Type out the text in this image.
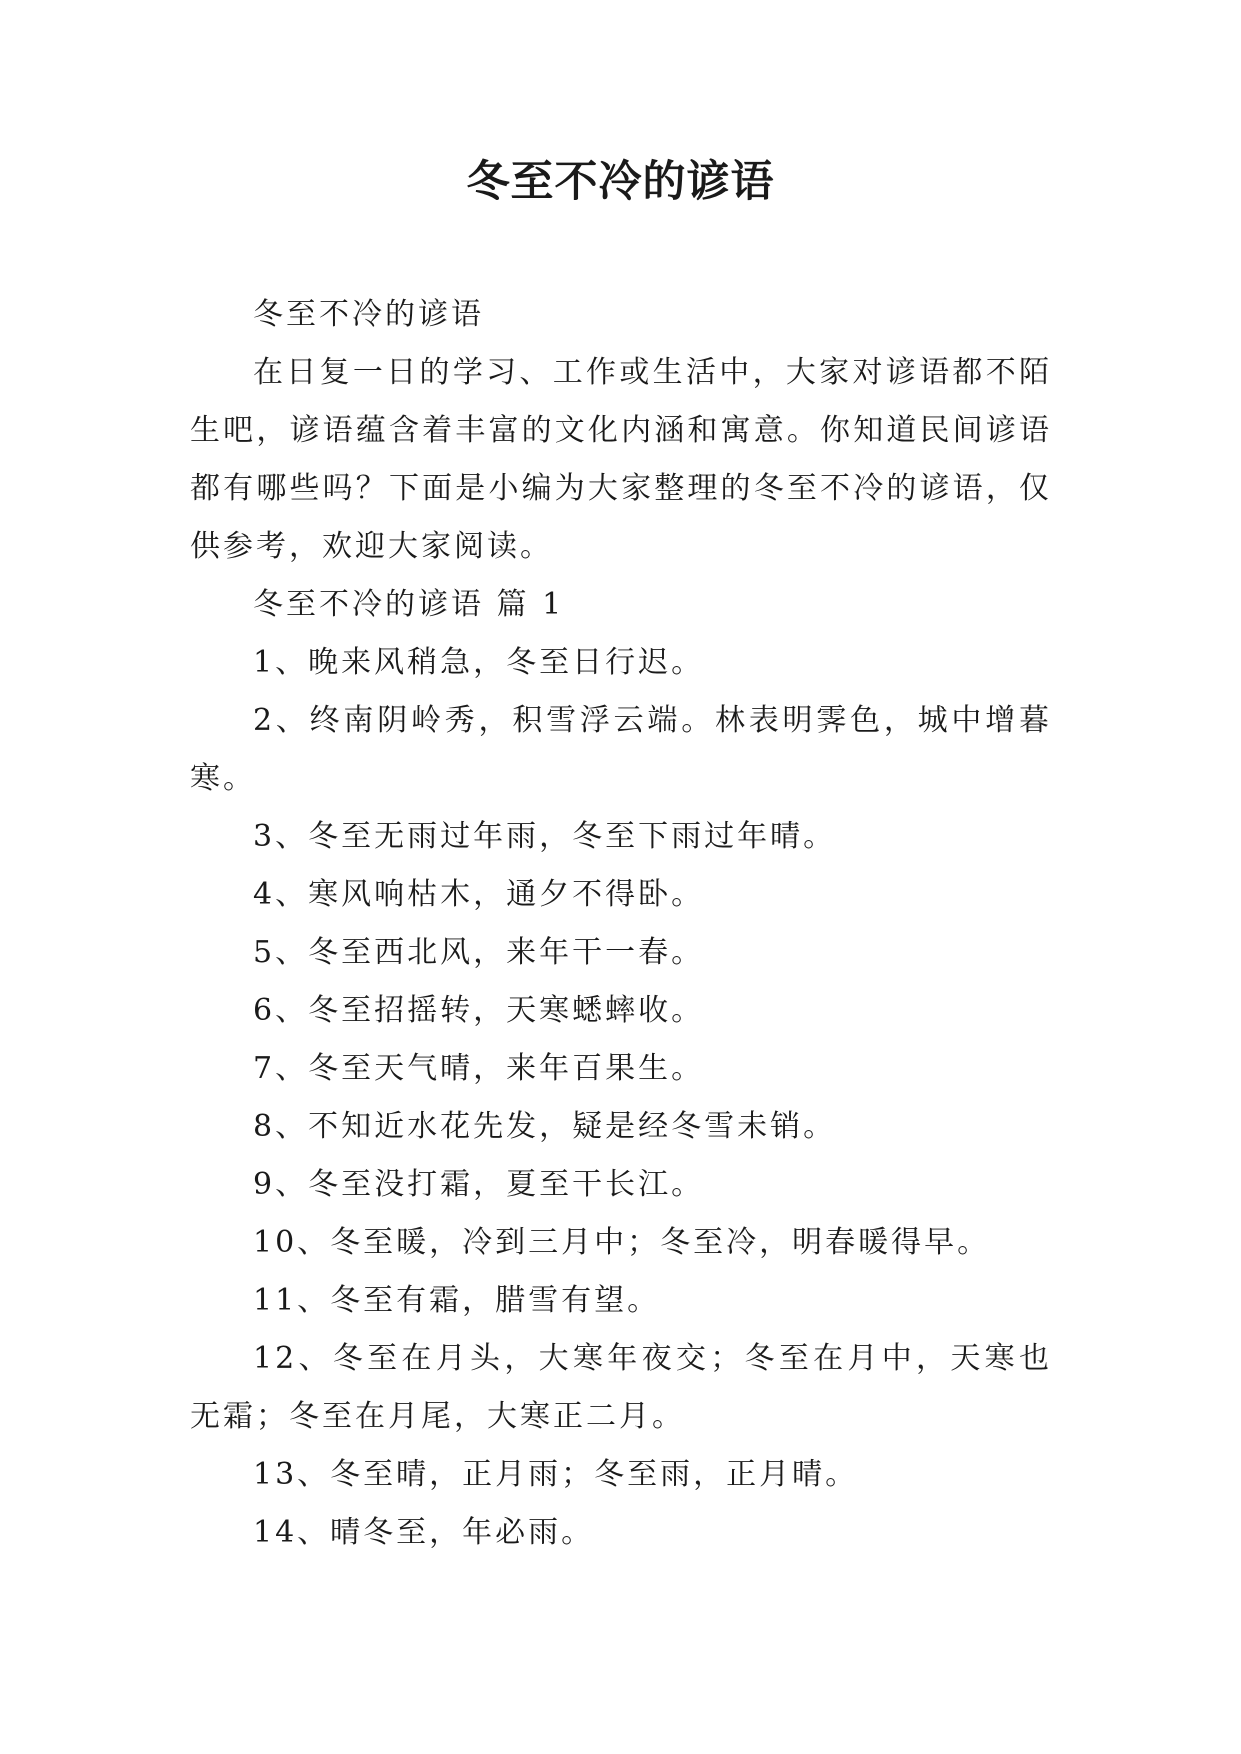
冬至不冷的谚语

冬至不冷的谚语

在日复一日的学习、工作或生活中，大家对谚语都不陌生吧，谚语蕴含着丰富的文化内涵和寓意。你知道民间谚语都有哪些吗？下面是小编为大家整理的冬至不冷的谚语，仅供参考，欢迎大家阅读。

冬至不冷的谚语 篇 1

1、晚来风稍急，冬至日行迟。

2、终南阴岭秀，积雪浮云端。林表明霁色，城中增暮寒。

3、冬至无雨过年雨，冬至下雨过年晴。

4、寒风响枯木，通夕不得卧。

5、冬至西北风，来年干一春。

6、冬至招摇转，天寒蟋蟀收。

7、冬至天气晴，来年百果生。

8、不知近水花先发，疑是经冬雪未销。

9、冬至没打霜，夏至干长江。

10、冬至暖，冷到三月中；冬至冷，明春暖得早。

11、冬至有霜，腊雪有望。

12、冬至在月头，大寒年夜交；冬至在月中，天寒也无霜；冬至在月尾，大寒正二月。

13、冬至晴，正月雨；冬至雨，正月晴。

14、晴冬至，年必雨。
